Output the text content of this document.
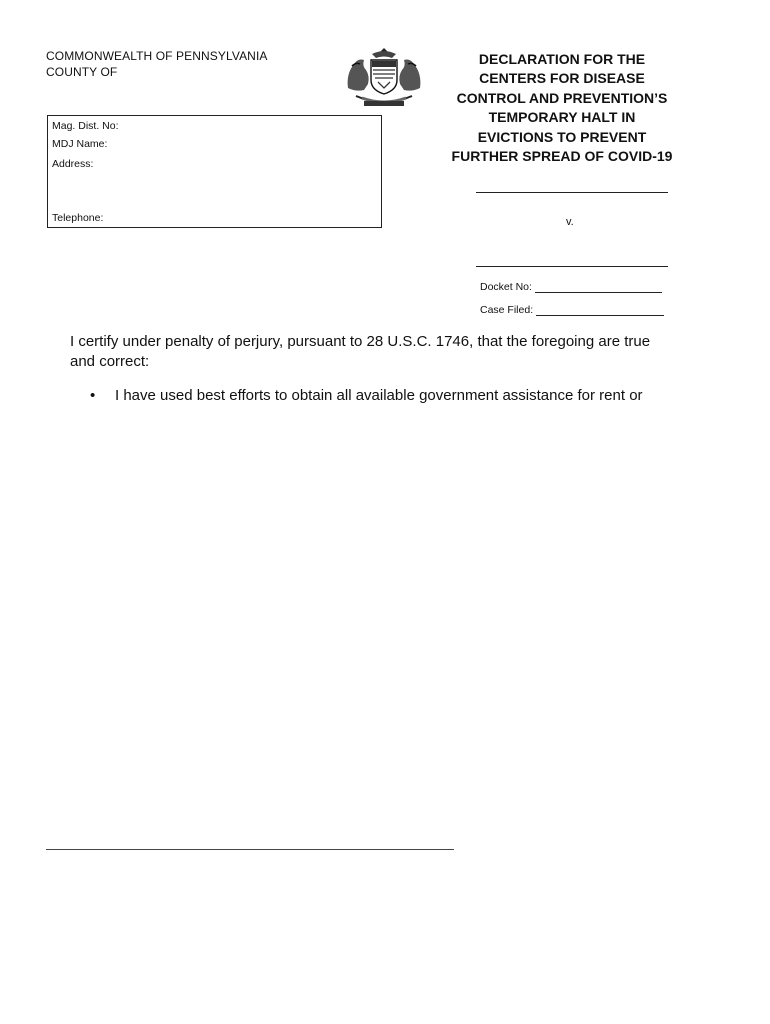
COMMONWEALTH OF PENNSYLVANIA
COUNTY OF
DECLARATION FOR THE
CENTERS FOR DISEASE
CONTROL AND PREVENTION’S
TEMPORARY HALT IN
EVICTIONS TO PREVENT
FURTHER SPREAD OF COVID-19
Mag. Dist. No:
MDJ Name:
Address:
Telephone:	v.
Docket No:
Case Filed:
I certify under penalty of perjury, pursuant to 28 U.S.C. 1746, that the foregoing are true and correct:
• I have used best efforts to obtain all available government assistance for rent or
